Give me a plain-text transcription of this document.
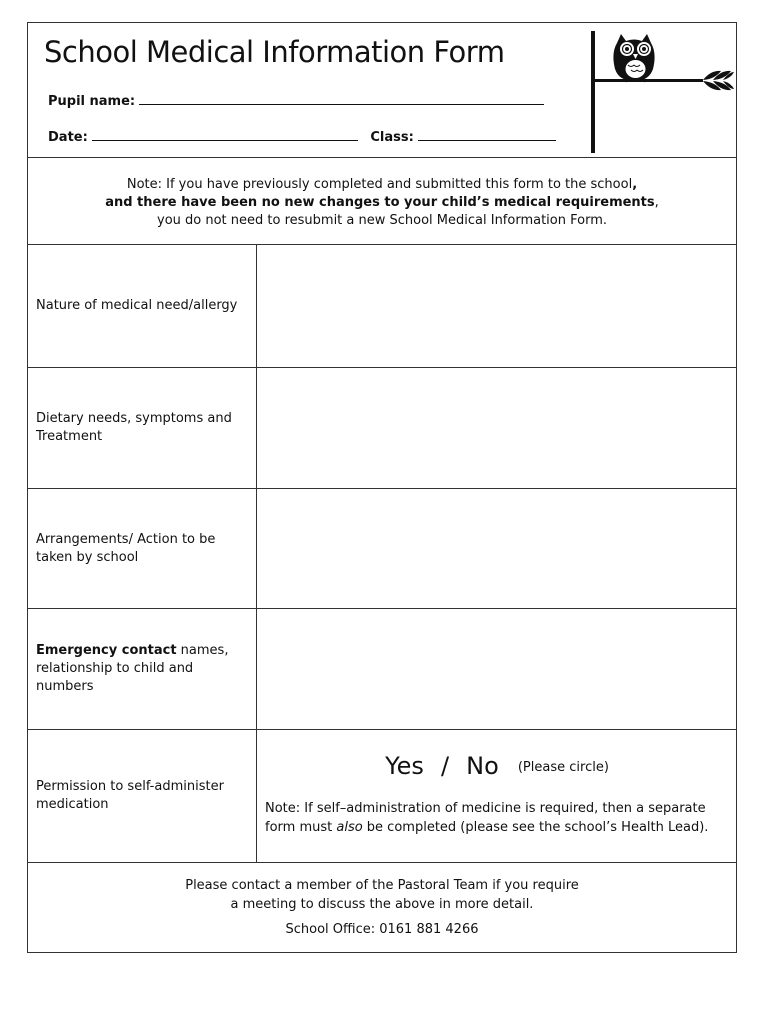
School Medical Information Form
Pupil name:
Date:	Class:
Note: If you have previously completed and submitted this form to the school,
and there have been no new changes to your child’s medical requirements,
you do not need to resubmit a new School Medical Information Form.
Nature of medical need/allergy
Dietary needs, symptoms and Treatment
Arrangements/ Action to be taken by school
Emergency contact names, relationship to child and numbers
Permission to self-administer medication
Yes / No (Please circle)
Note: If self–administration of medicine is required, then a separate form must also be completed (please see the school’s Health Lead).
Please contact a member of the Pastoral Team if you require
a meeting to discuss the above in more detail.
School Office: 0161 881 4266
